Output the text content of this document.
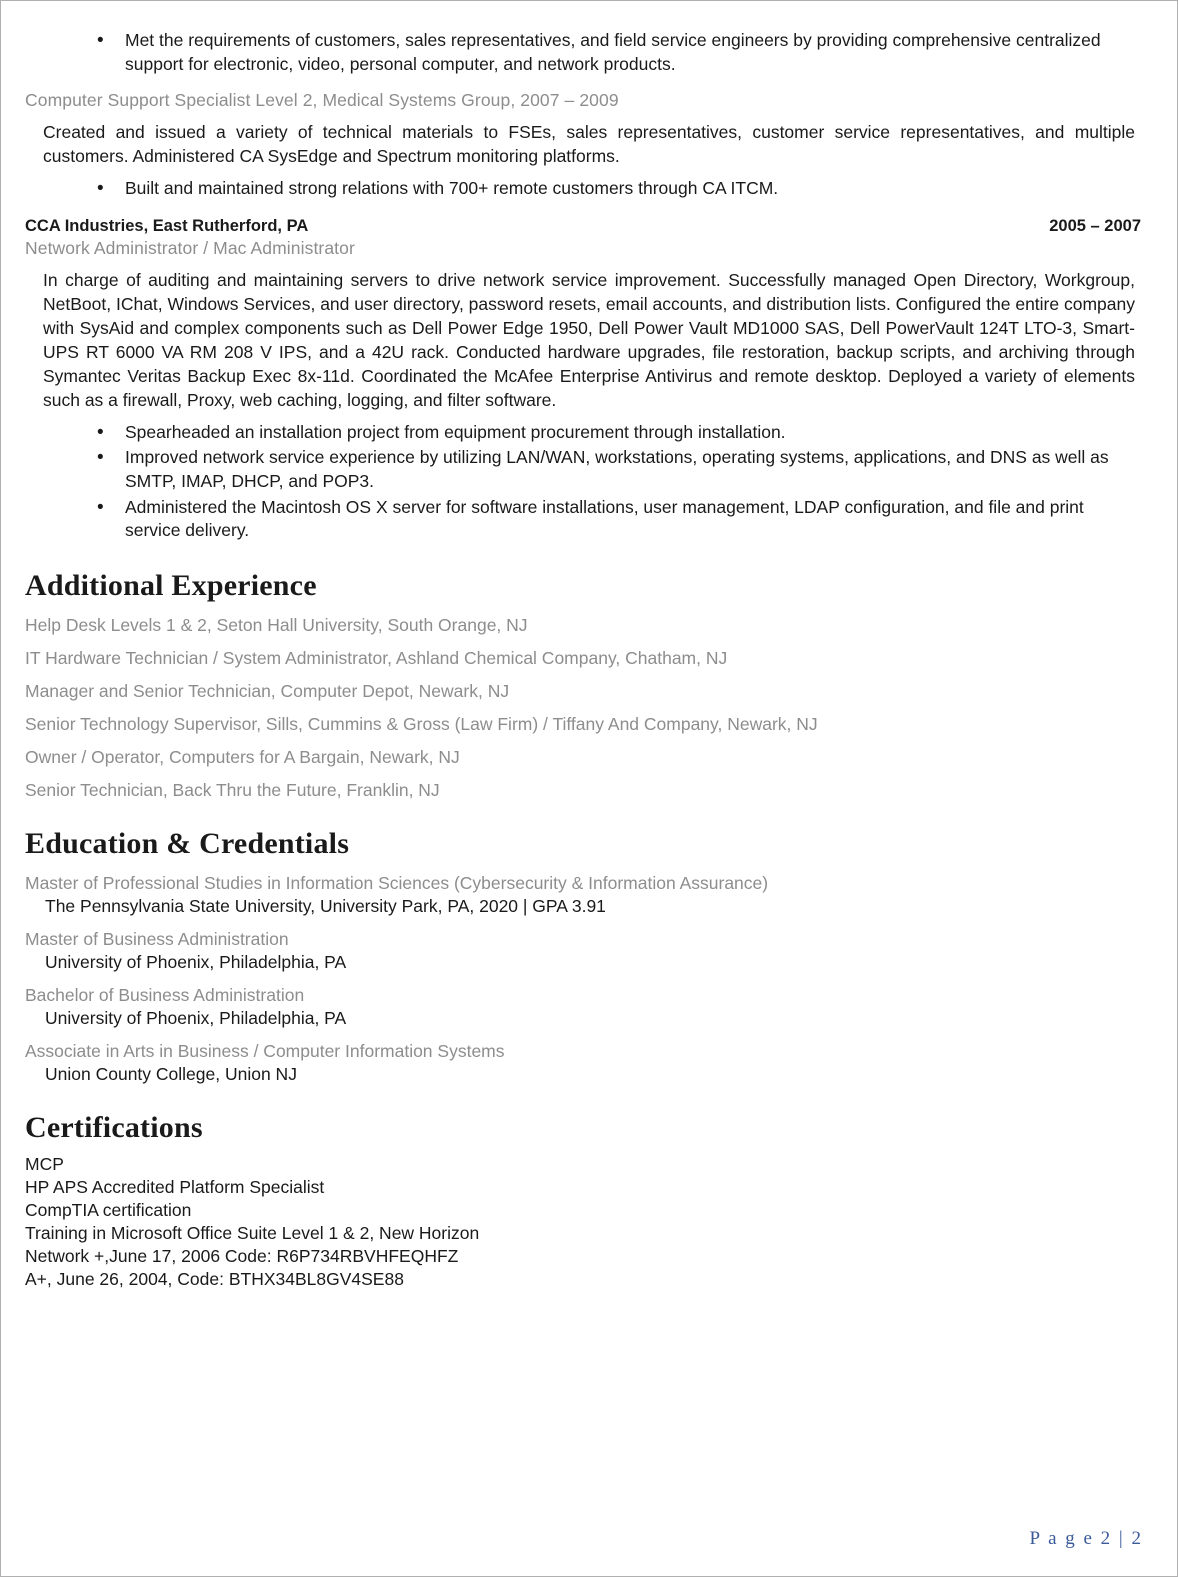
• Met the requirements of customers, sales representatives, and field service engineers by providing comprehensive centralized support for electronic, video, personal computer, and network products.
Computer Support Specialist Level 2, Medical Systems Group, 2007 – 2009

Created and issued a variety of technical materials to FSEs, sales representatives, customer service representatives, and multiple customers. Administered CA SysEdge and Spectrum monitoring platforms.

• Built and maintained strong relations with 700+ remote customers through CA ITCM.
CCA Industries, East Rutherford, PA	2005 – 2007
Network Administrator / Mac Administrator

In charge of auditing and maintaining servers to drive network service improvement. Successfully managed Open Directory, Workgroup, NetBoot, IChat, Windows Services, and user directory, password resets, email accounts, and distribution lists. Configured the entire company with SysAid and complex components such as Dell Power Edge 1950, Dell Power Vault MD1000 SAS, Dell PowerVault 124T LTO-3, Smart-UPS RT 6000 VA RM 208 V IPS, and a 42U rack. Conducted hardware upgrades, file restoration, backup scripts, and archiving through Symantec Veritas Backup Exec 8x-11d. Coordinated the McAfee Enterprise Antivirus and remote desktop. Deployed a variety of elements such as a firewall, Proxy, web caching, logging, and filter software.

• Spearheaded an installation project from equipment procurement through installation.
• Improved network service experience by utilizing LAN/WAN, workstations, operating systems, applications, and DNS as well as SMTP, IMAP, DHCP, and POP3.
• Administered the Macintosh OS X server for software installations, user management, LDAP configuration, and file and print service delivery.
Additional Experience
Help Desk Levels 1 & 2, Seton Hall University, South Orange, NJ
IT Hardware Technician / System Administrator, Ashland Chemical Company, Chatham, NJ
Manager and Senior Technician, Computer Depot, Newark, NJ
Senior Technology Supervisor, Sills, Cummins & Gross (Law Firm) / Tiffany And Company, Newark, NJ
Owner / Operator, Computers for A Bargain, Newark, NJ
Senior Technician, Back Thru the Future, Franklin, NJ
Education & Credentials
Master of Professional Studies in Information Sciences (Cybersecurity & Information Assurance)
The Pennsylvania State University, University Park, PA, 2020 | GPA 3.91
Master of Business Administration
University of Phoenix, Philadelphia, PA
Bachelor of Business Administration
University of Phoenix, Philadelphia, PA
Associate in Arts in Business / Computer Information Systems
Union County College, Union NJ
Certifications
MCP
HP APS Accredited Platform Specialist
CompTIA certification
Training in Microsoft Office Suite Level 1 & 2, New Horizon
Network +,June 17, 2006 Code: R6P734RBVHFEQHFZ
A+, June 26, 2004, Code: BTHX34BL8GV4SE88
P a g e 2 | 2
